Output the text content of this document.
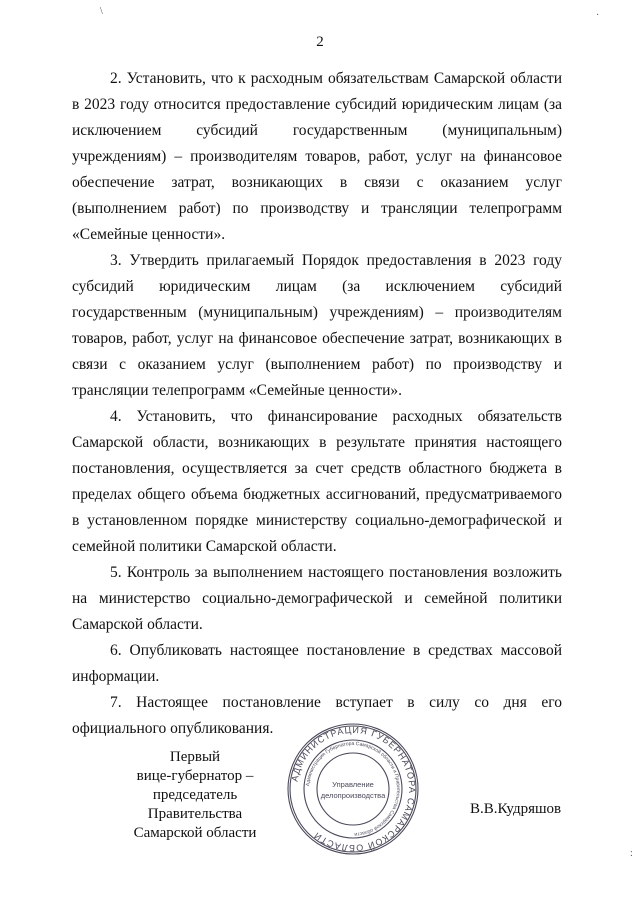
2

2. Установить, что к расходным обязательствам Самарской области в 2023 году относится предоставление субсидий юридическим лицам (за исключением субсидий государственным (муниципальным) учреждениям) – производителям товаров, работ, услуг на финансовое обеспечение затрат, возникающих в связи с оказанием услуг (выполнением работ) по производству и трансляции телепрограмм «Семейные ценности».

3. Утвердить прилагаемый Порядок предоставления в 2023 году субсидий юридическим лицам (за исключением субсидий государственным (муниципальным) учреждениям) – производителям товаров, работ, услуг на финансовое обеспечение затрат, возникающих в связи с оказанием услуг (выполнением работ) по производству и трансляции телепрограмм «Семейные ценности».

4. Установить, что финансирование расходных обязательств Самарской области, возникающих в результате принятия настоящего постановления, осуществляется за счет средств областного бюджета в пределах общего объема бюджетных ассигнований, предусматриваемого в установленном порядке министерству социально-демографической и семейной политики Самарской области.

5. Контроль за выполнением настоящего постановления возложить на министерство социально-демографической и семейной политики Самарской области.

6. Опубликовать настоящее постановление в средствах массовой информации.

7. Настоящее постановление вступает в силу со дня его официального опубликования.

Первый
вице-губернатор –
председатель Правительства
Самарской области
АДМИНИСТРАЦИЯ ГУБЕРНАТОРА САМАРСКОЙ ОБЛАСТИ
Администрация Губернатора Самарской области и Правительства Самарской области
Управление
делопроизводства
В.В.Кудряшов
\	·
:
